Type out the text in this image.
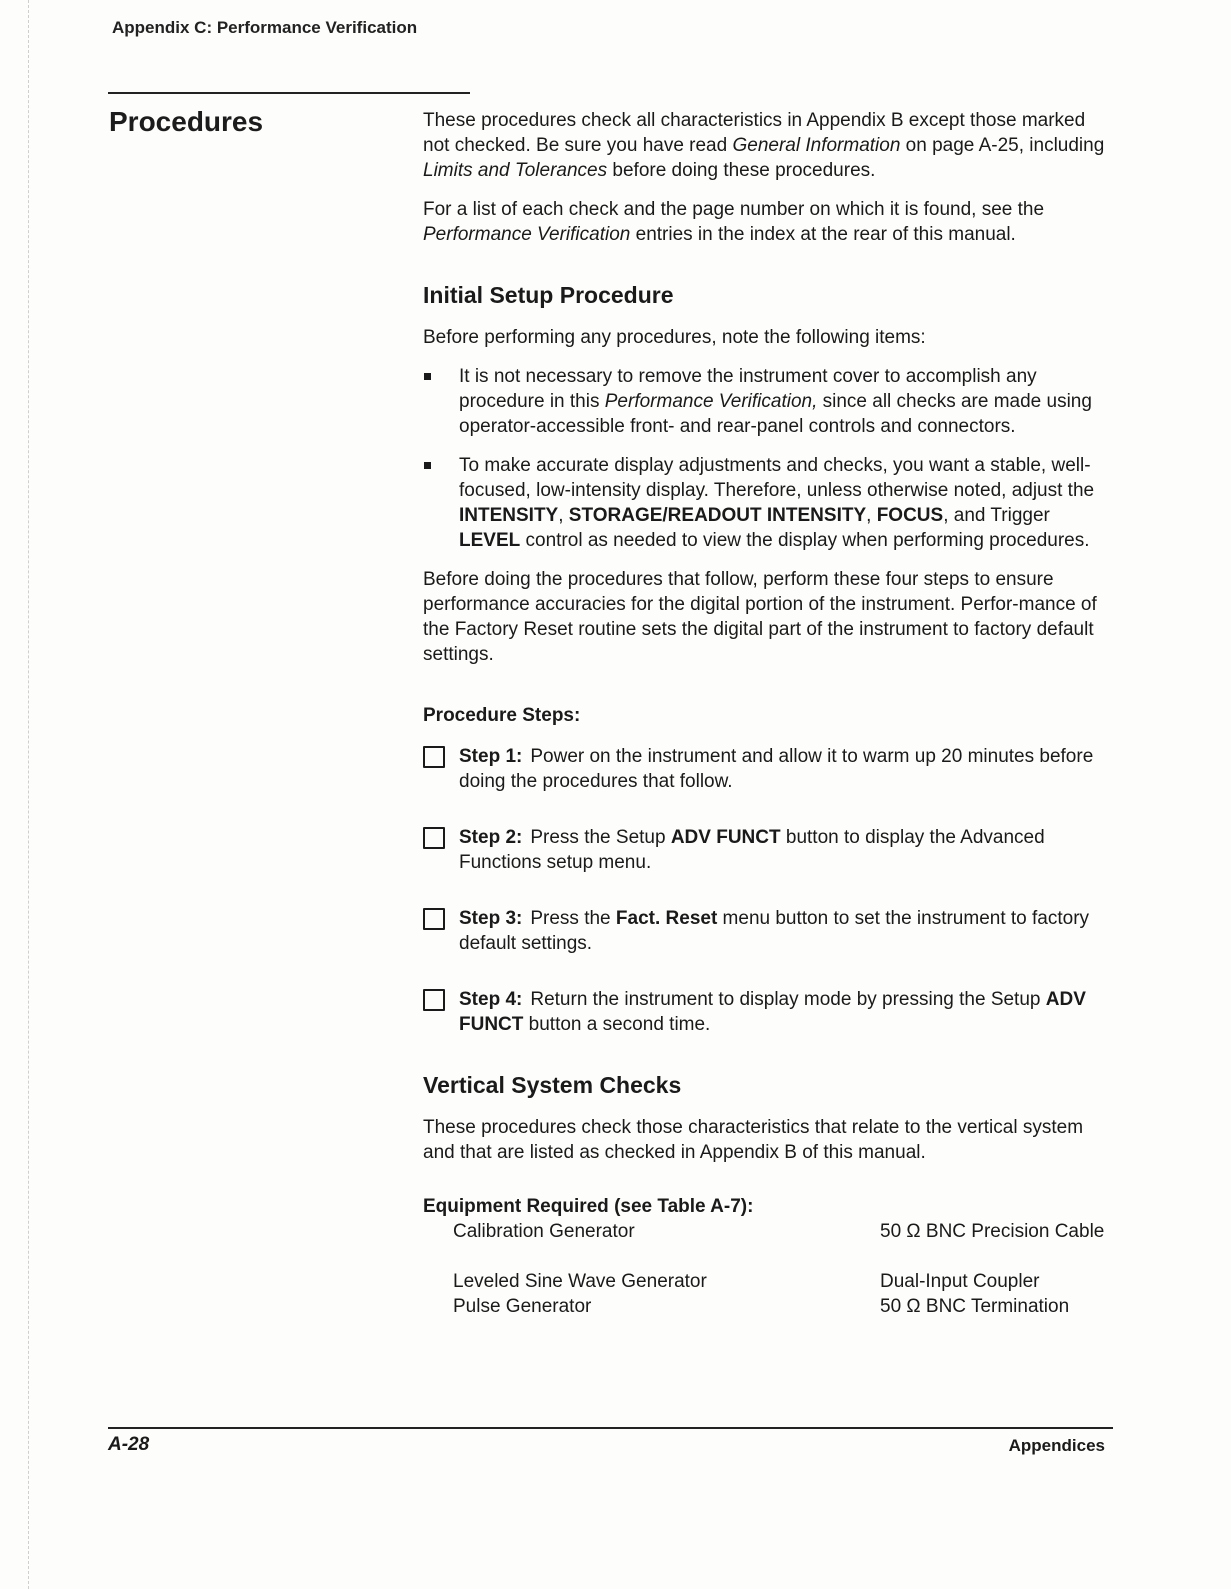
Appendix C: Performance Verification
Procedures	These procedures check all characteristics in Appendix B except those marked not checked. Be sure you have read General Information on page A-25, including Limits and Tolerances before doing these procedures.

For a list of each check and the page number on which it is found, see the Performance Verification entries in the index at the rear of this manual.

Initial Setup Procedure

Before performing any procedures, note the following items:

It is not necessary to remove the instrument cover to accomplish any procedure in this Performance Verification, since all checks are made using operator-accessible front- and rear-panel controls and connectors.
To make accurate display adjustments and checks, you want a stable, well-focused, low-intensity display. Therefore, unless otherwise noted, adjust the INTENSITY, STORAGE/READOUT INTENSITY, FOCUS, and Trigger LEVEL control as needed to view the display when performing procedures.

Before doing the procedures that follow, perform these four steps to ensure performance accuracies for the digital portion of the instrument. Perfor-mance of the Factory Reset routine sets the digital part of the instrument to factory default settings.

Procedure Steps:
Step 1: Power on the instrument and allow it to warm up 20 minutes before doing the procedures that follow.
Step 2: Press the Setup ADV FUNCT button to display the Advanced Functions setup menu.
Step 3: Press the Fact. Reset menu button to set the instrument to factory default settings.
Step 4: Return the instrument to display mode by pressing the Setup ADV FUNCT button a second time.
Vertical System Checks

These procedures check those characteristics that relate to the vertical system and that are listed as checked in Appendix B of this manual.

Equipment Required (see Table A-7):
Calibration Generator	50 Ω BNC Precision Cable
Leveled Sine Wave Generator	Dual-Input Coupler
Pulse Generator	50 Ω BNC Termination
A-28	Appendices
